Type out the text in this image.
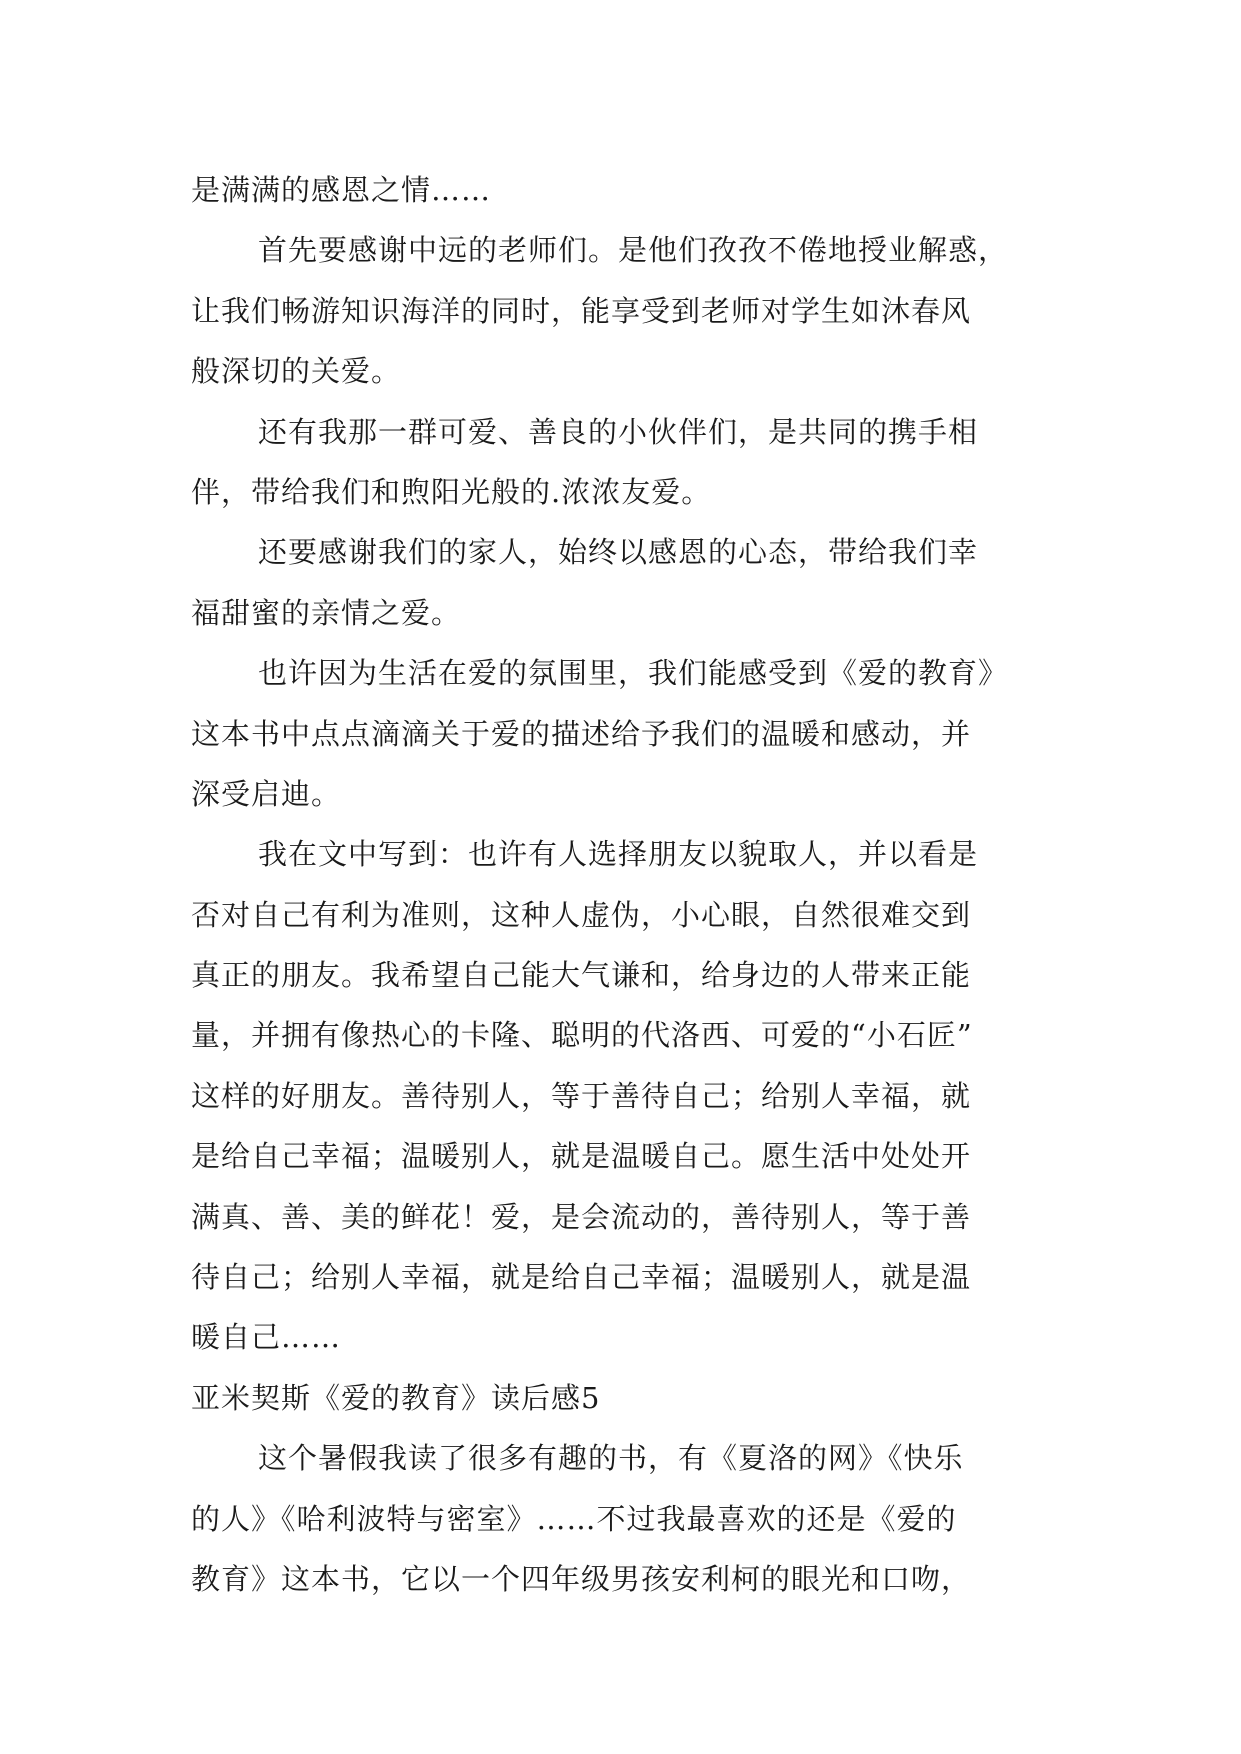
是满满的感恩之情……
首先要感谢中远的老师们。是他们孜孜不倦地授业解惑，
让我们畅游知识海洋的同时，能享受到老师对学生如沐春风
般深切的关爱。
还有我那一群可爱、善良的小伙伴们，是共同的携手相
伴，带给我们和煦阳光般的.浓浓友爱。
还要感谢我们的家人，始终以感恩的心态，带给我们幸
福甜蜜的亲情之爱。
也许因为生活在爱的氛围里，我们能感受到《爱的教育》
这本书中点点滴滴关于爱的描述给予我们的温暖和感动，并
深受启迪。
我在文中写到：也许有人选择朋友以貌取人，并以看是
否对自己有利为准则，这种人虚伪，小心眼，自然很难交到
真正的朋友。我希望自己能大气谦和，给身边的人带来正能
量，并拥有像热心的卡隆、聪明的代洛西、可爱的“小石匠”
这样的好朋友。善待别人，等于善待自己；给别人幸福，就
是给自己幸福；温暖别人，就是温暖自己。愿生活中处处开
满真、善、美的鲜花！爱，是会流动的，善待别人，等于善
待自己；给别人幸福，就是给自己幸福；温暖别人，就是温
暖自己……
亚米契斯《爱的教育》读后感5
这个暑假我读了很多有趣的书，有《夏洛的网》《快乐
的人》《哈利波特与密室》……不过我最喜欢的还是《爱的
教育》这本书，它以一个四年级男孩安利柯的眼光和口吻，
